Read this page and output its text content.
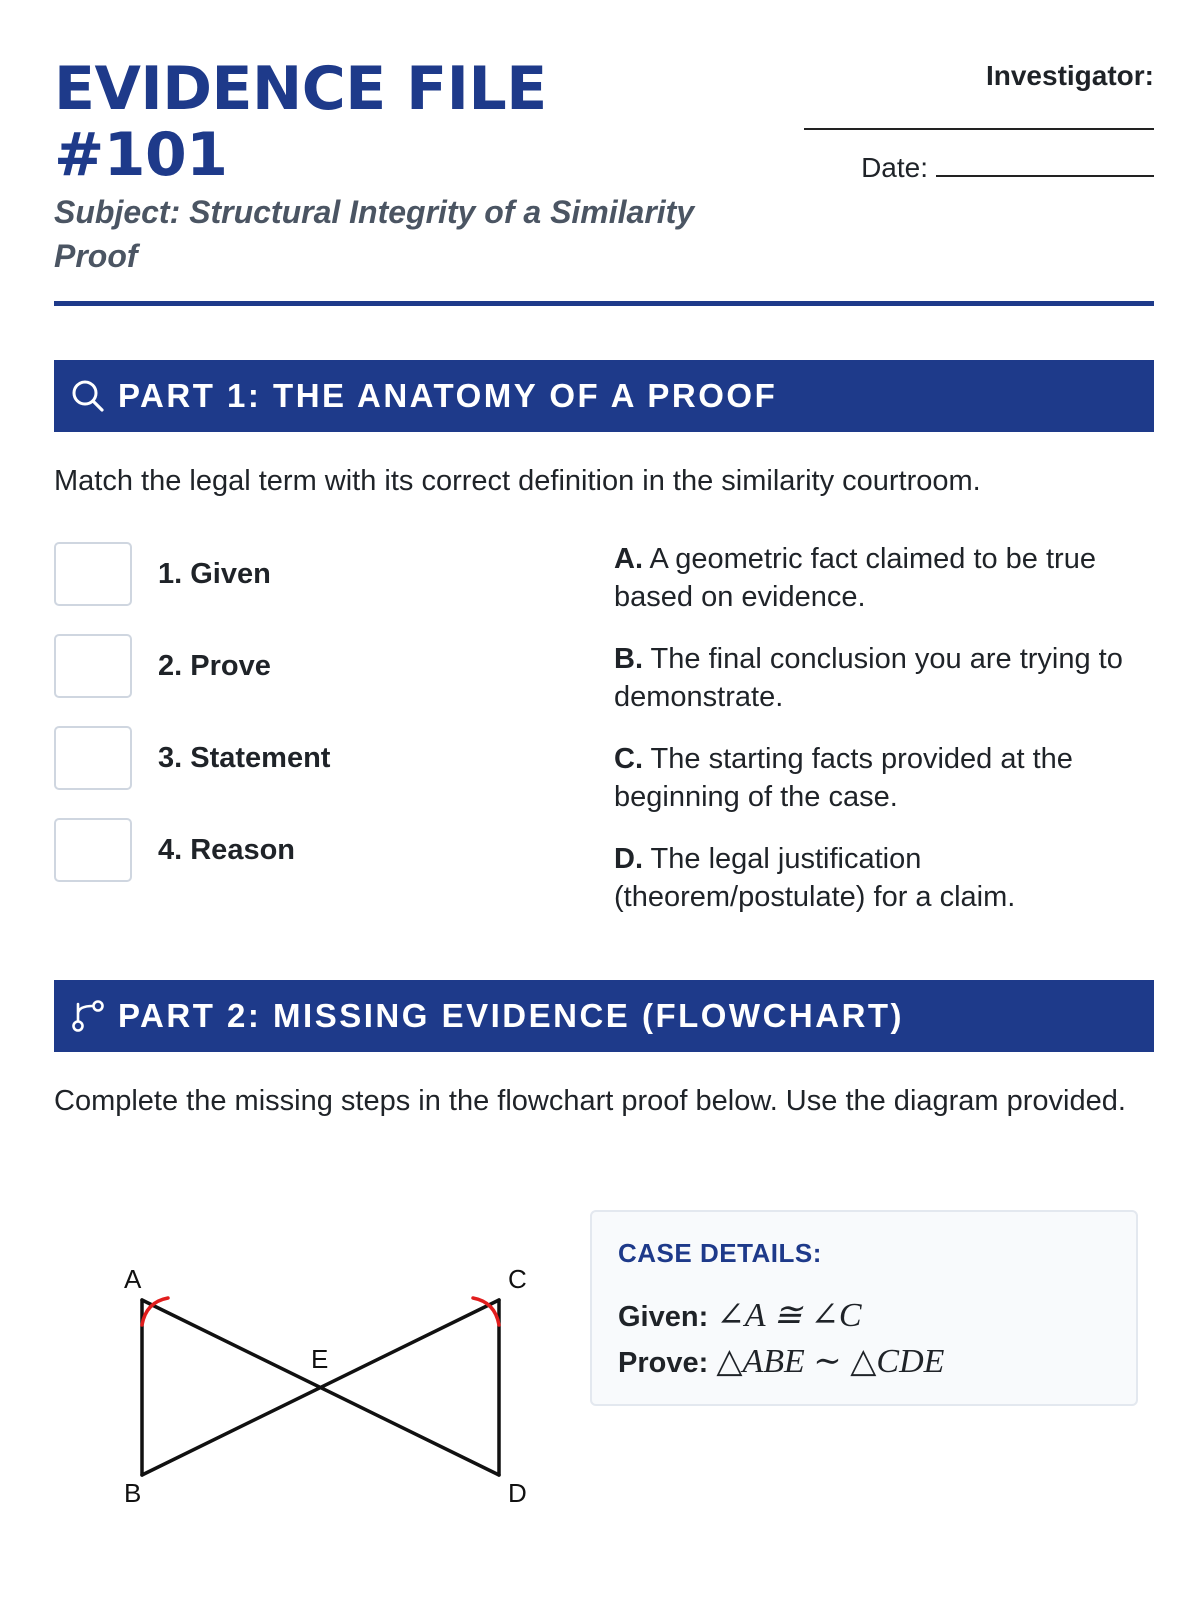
EVIDENCE FILE
#101
Subject: Structural Integrity of a Similarity Proof
Investigator:
Date:
PART 1: THE ANATOMY OF A PROOF
Match the legal term with its correct definition in the similarity courtroom.
1. Given
2. Prove
3. Statement
4. Reason
A. A geometric fact claimed to be true based on evidence.
B. The final conclusion you are trying to demonstrate.
C. The starting facts provided at the beginning of the case.
D. The legal justification (theorem/postulate) for a claim.
PART 2: MISSING EVIDENCE (FLOWCHART)
Complete the missing steps in the flowchart proof below. Use the diagram provided.
A
B
C
D
E
CASE DETAILS:
Given: ∠A ≅ ∠C
Prove: △ABE ∼ △CDE
